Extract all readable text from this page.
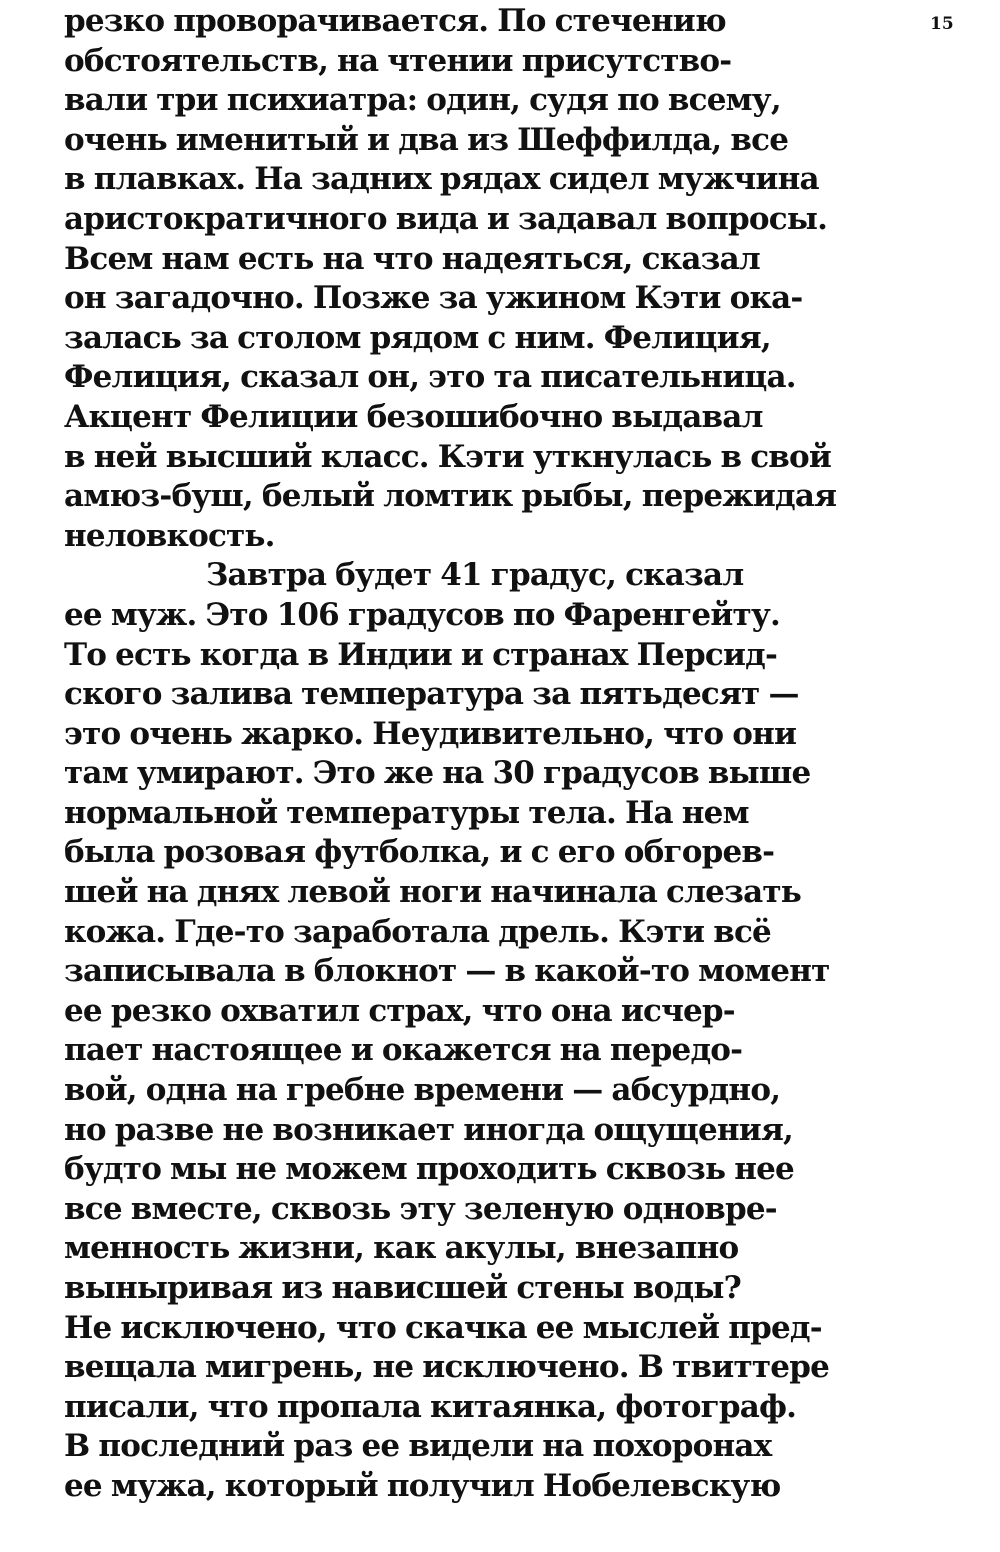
15
резко проворачивается. По стечению
обстоятельств, на чтении присутство-
вали три психиатра: один, судя по всему,
очень именитый и два из Шеффилда, все
в плавках. На задних рядах сидел мужчина
аристократичного вида и задавал вопросы.
Всем нам есть на что надеяться, сказал
он загадочно. Позже за ужином Кэти ока-
залась за столом рядом с ним. Фелиция,
Фелиция, сказал он, это та писательница.
Акцент Фелиции безошибочно выдавал
в ней высший класс. Кэти уткнулась в свой
амюз-буш, белый ломтик рыбы, пережидая
неловкость.
Завтра будет 41 градус, сказал
ее муж. Это 106 градусов по Фаренгейту.
То есть когда в Индии и странах Персид-
ского залива температура за пятьдесят —
это очень жарко. Неудивительно, что они
там умирают. Это же на 30 градусов выше
нормальной температуры тела. На нем
была розовая футболка, и с его обгорев-
шей на днях левой ноги начинала слезать
кожа. Где-то заработала дрель. Кэти всё
записывала в блокнот — в какой-то момент
ее резко охватил страх, что она исчер-
пает настоящее и окажется на передо-
вой, одна на гребне времени — абсурдно,
но разве не возникает иногда ощущения,
будто мы не можем проходить сквозь нее
все вместе, сквозь эту зеленую одновре-
менность жизни, как акулы, внезапно
выныривая из нависшей стены воды?
Не исключено, что скачка ее мыслей пред-
вещала мигрень, не исключено. В твиттере
писали, что пропала китаянка, фотограф.
В последний раз ее видели на похоронах
ее мужа, который получил Нобелевскую
